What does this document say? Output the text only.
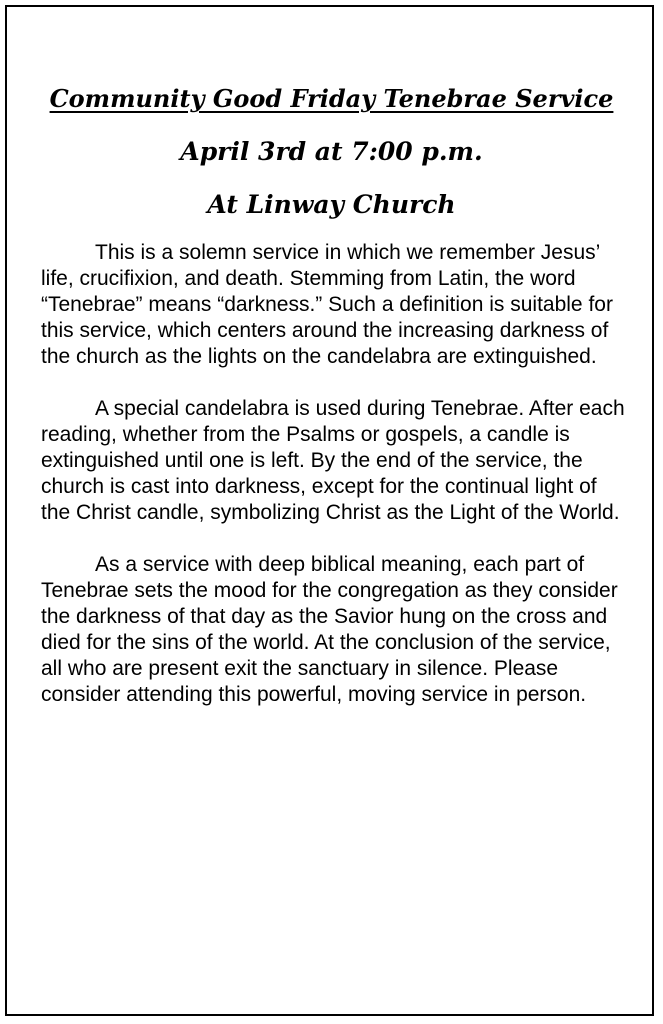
Community Good Friday Tenebrae Service
April 3rd at 7:00 p.m.
At Linway Church

This is a solemn service in which we remember Jesus’ life, crucifixion, and death. Stemming from Latin, the word “Tenebrae” means “darkness.” Such a definition is suitable for this service, which centers around the increasing darkness of the church as the lights on the candelabra are extinguished.

A special candelabra is used during Tenebrae. After each reading, whether from the Psalms or gospels, a candle is extinguished until one is left. By the end of the service, the church is cast into darkness, except for the continual light of the Christ candle, symbolizing Christ as the Light of the World.

As a service with deep biblical meaning, each part of Tenebrae sets the mood for the congregation as they consider the darkness of that day as the Savior hung on the cross and died for the sins of the world. At the conclusion of the service, all who are present exit the sanctuary in silence. Please consider attending this powerful, moving service in person.
